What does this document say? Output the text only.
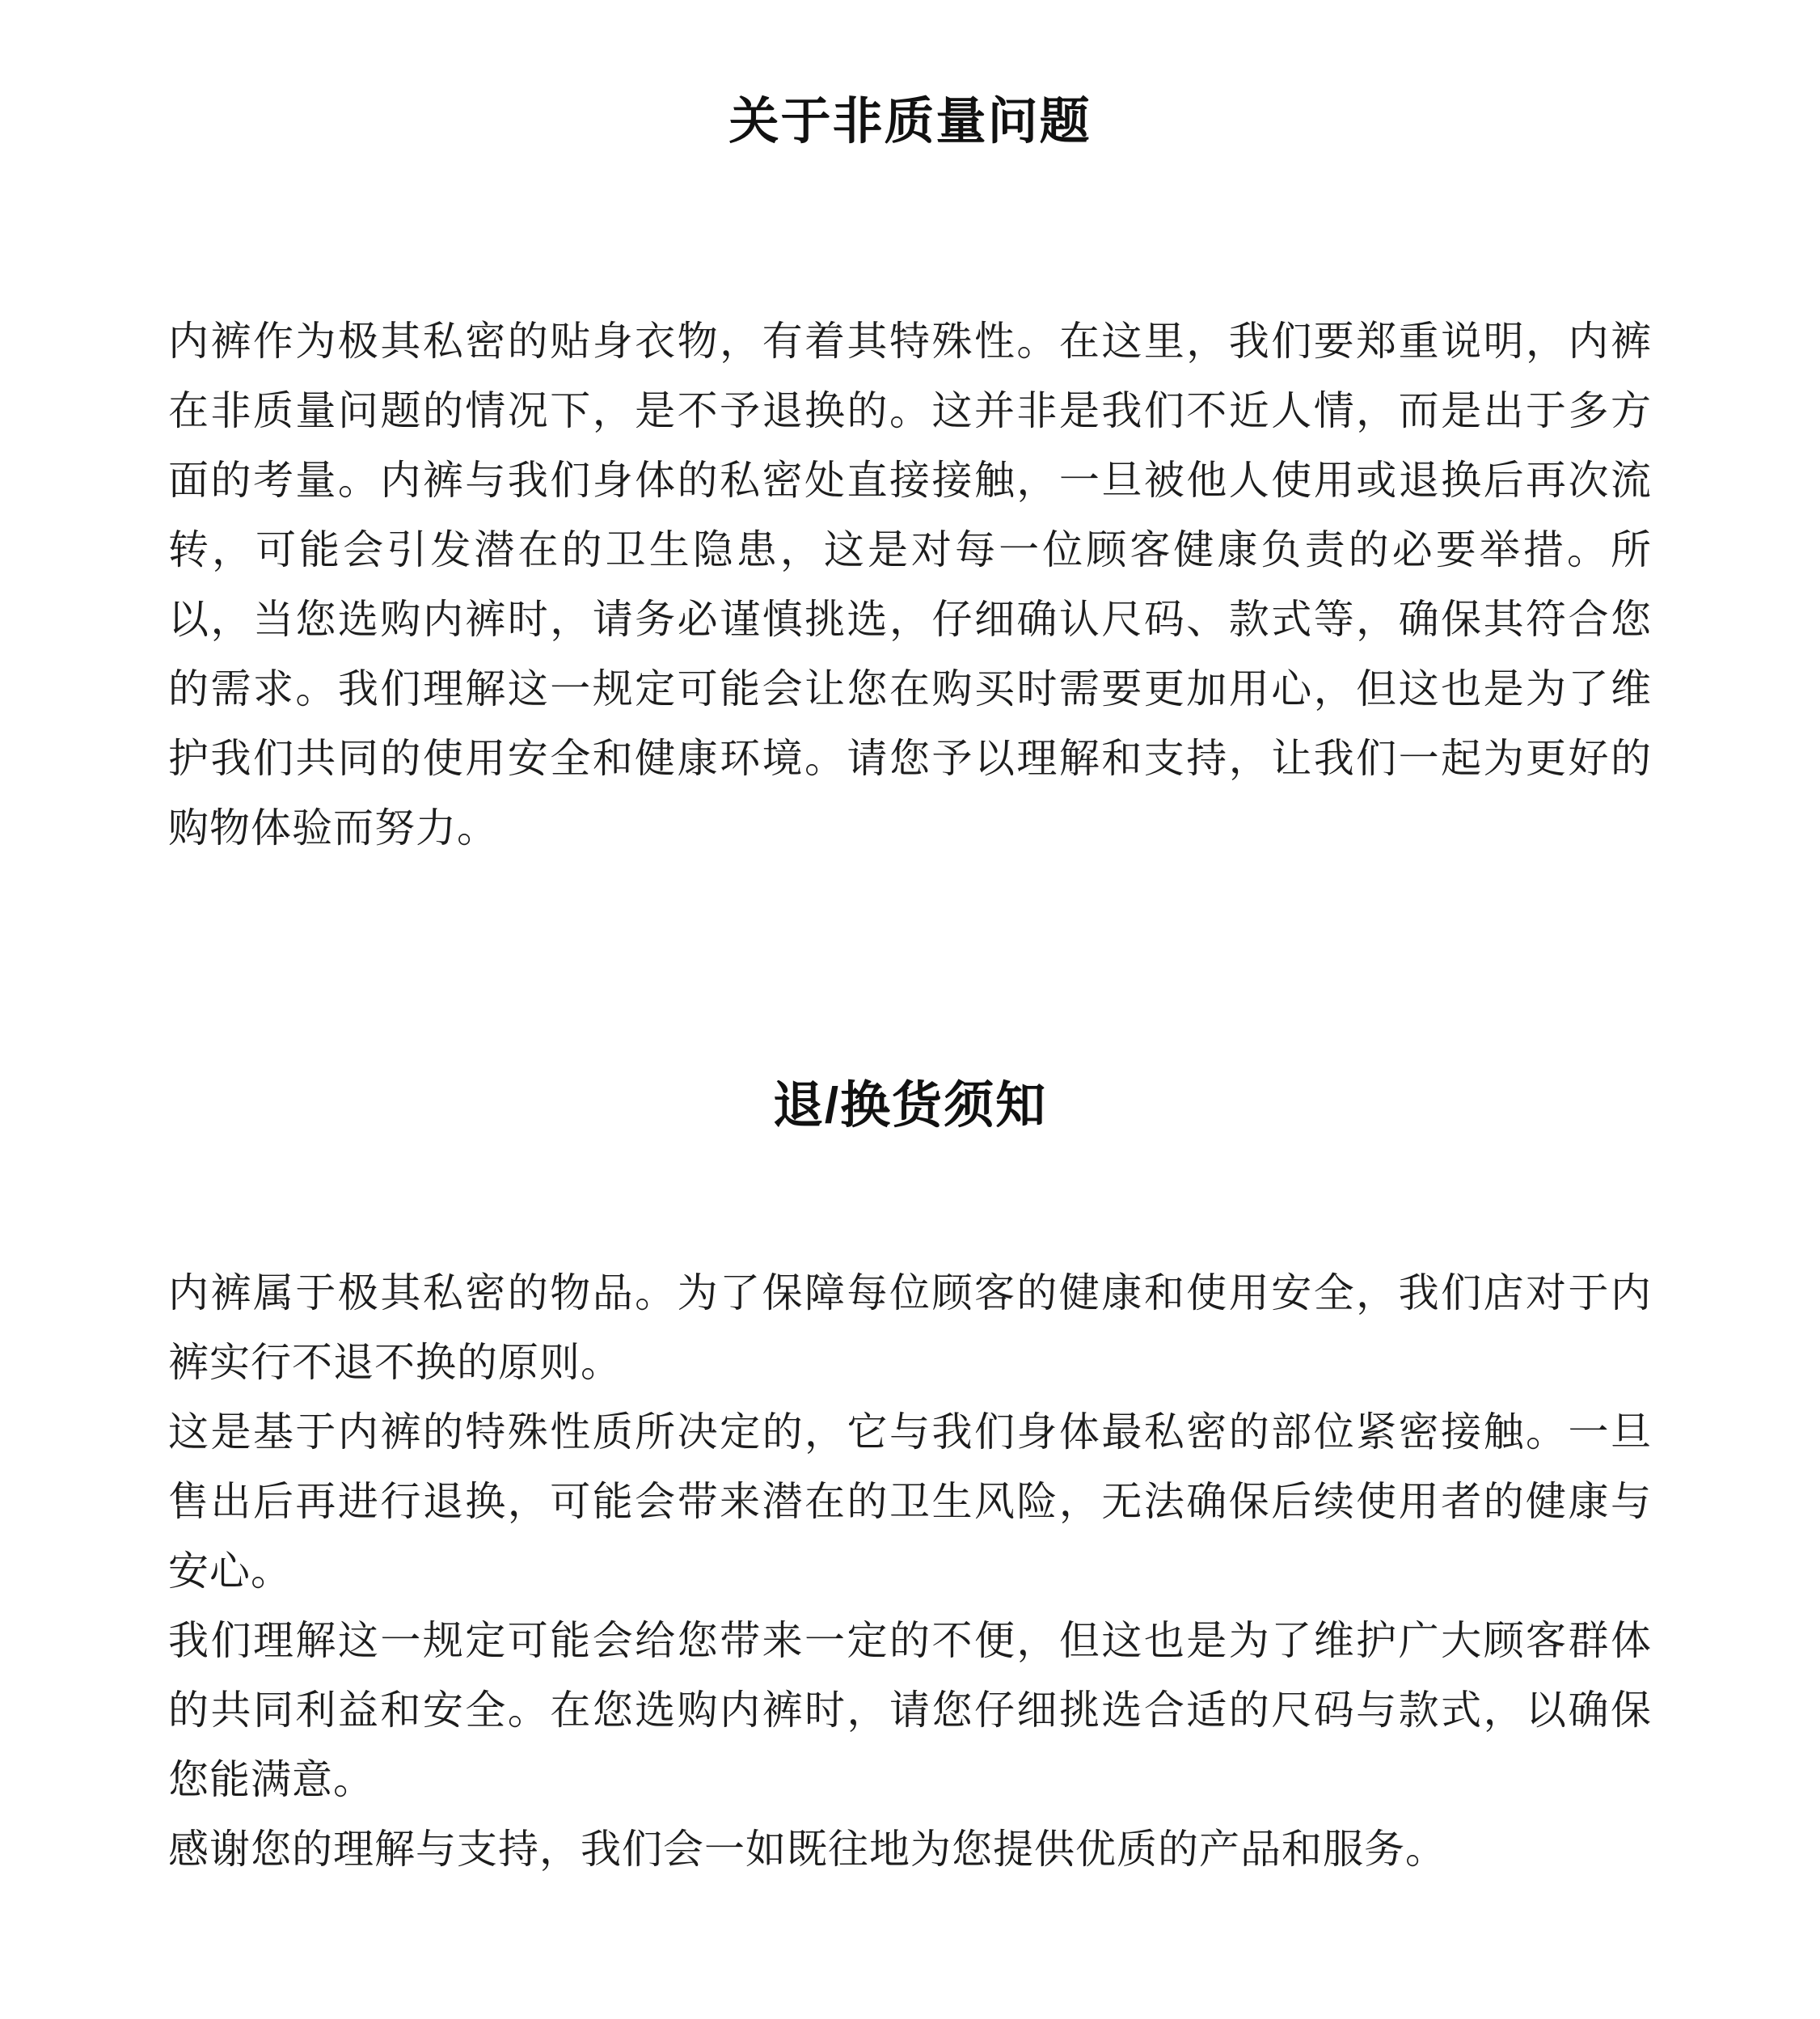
关于非质量问题

内裤作为极其私密的贴身衣物，有着其特殊性。在这里，我们要郑重说明，内裤在非质量问题的情况下，是不予退换的。这并非是我们不近人情，而是出于多方面的考量。内裤与我们身体的私密处直接接触，一旦被他人使用或退换后再次流转，可能会引发潜在的卫生隐患，这是对每一位顾客健康负责的必要举措。所以，当您选购内裤时，请务必谨慎挑选，仔细确认尺码、款式等，确保其符合您的需求。我们理解这一规定可能会让您在购买时需要更加用心，但这也是为了维护我们共同的使用安全和健康环境。请您予以理解和支持，让我们一起为更好的购物体验而努力。

退/换货须知

内裤属于极其私密的物品。为了保障每位顾客的健康和使用安全，我们店对于内裤实行不退不换的原则。

这是基于内裤的特殊性质所决定的，它与我们身体最私密的部位紧密接触。一旦售出后再进行退换，可能会带来潜在的卫生风险，无法确保后续使用者的健康与安心。

我们理解这一规定可能会给您带来一定的不便，但这也是为了维护广大顾客群体的共同利益和安全。在您选购内裤时，请您仔细挑选合适的尺码与款式，以确保您能满意。

感谢您的理解与支持，我们会一如既往地为您提供优质的产品和服务。
